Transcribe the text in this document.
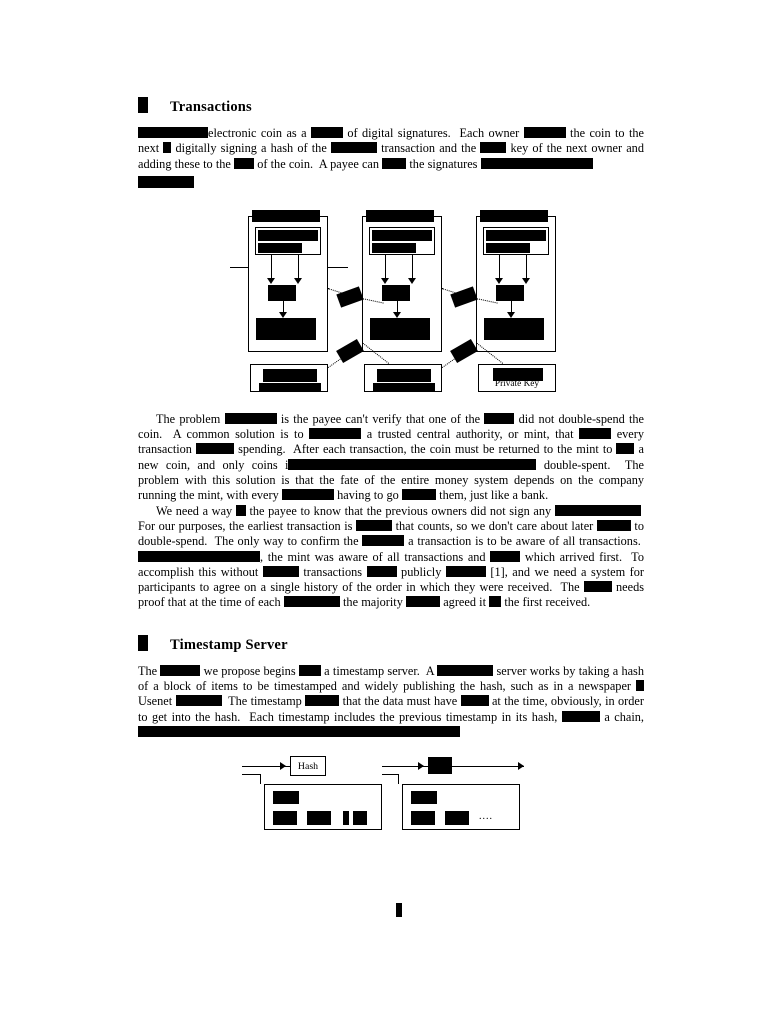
Transactions

electronic coin as a	of digital signatures.  Each owner	the coin to the next  digitally signing a hash of the	transaction and the  key of the next owner and adding these to the  of the coin.  A payee can  the signatures

Private Key

The problem	is the payee can't verify that one of the  did not double-spend the coin.  A common solution is to	a trusted central authority, or mint, that	every transaction	spending.  After each transaction, the coin must be returned to the mint to  a new coin, and only coins i	double-spent.  The problem with this solution is that the fate of the entire money system depends on the company running the mint, with every	having to go	them, just like a bank.

We need a way  the payee to know that the previous owners did not sign any	For our purposes, the earliest transaction is	that counts, so we don't care about later	to double-spend.  The only way to confirm the	a transaction is to be aware of all transactions.  , the mint was aware of all transactions and  which arrived first.  To accomplish this without	transactions  publicly	[1], and we need a system for participants to agree on a single history of the order in which they were received.  The  needs proof that at the time of each	the majority	agreed it  the first received.

Timestamp Server

The	we propose begins  a timestamp server.  A	server works by taking a hash of a block of items to be timestamped and widely publishing the hash, such as in a newspaper  Usenet	The timestamp	that the data must have  at the time, obviously, in order to get into the hash.  Each timestamp includes the previous timestamp in its hash,	a chain,

Hash
....
